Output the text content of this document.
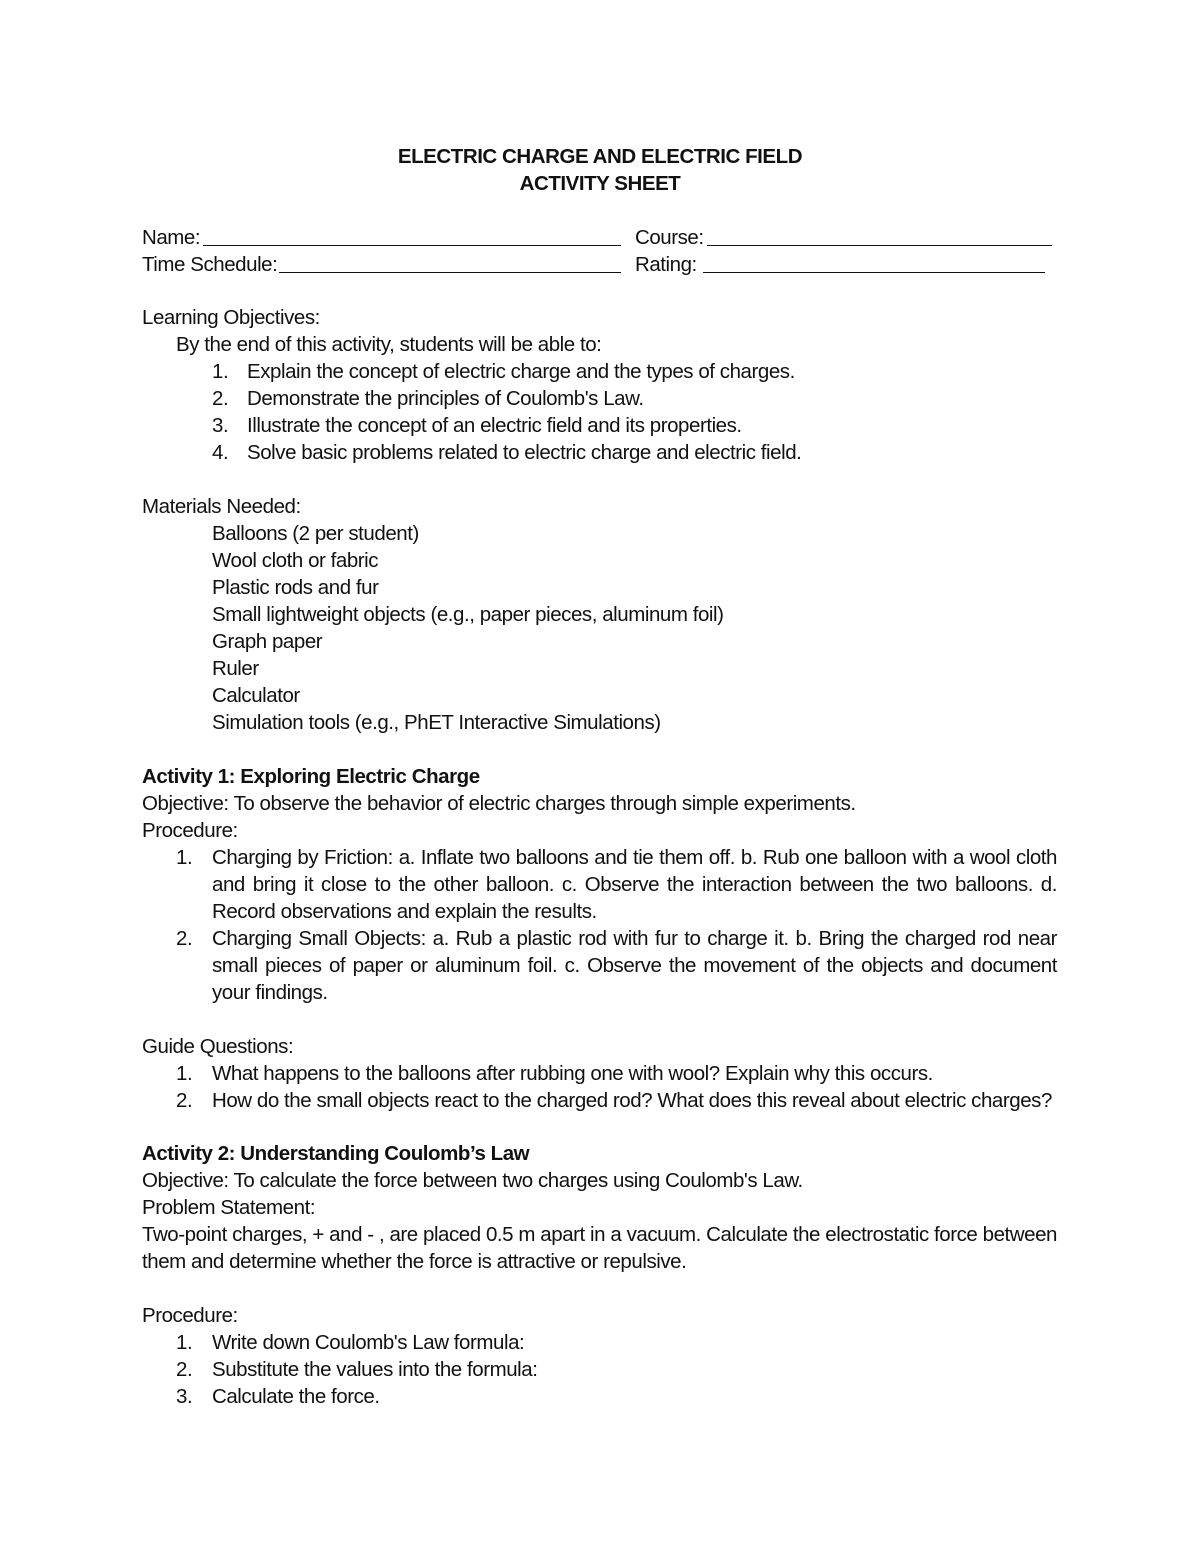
ELECTRIC CHARGE AND ELECTRIC FIELD
ACTIVITY SHEET
Name:	Course:
Time Schedule:	Rating:
Learning Objectives:
By the end of this activity, students will be able to:
1. Explain the concept of electric charge and the types of charges.
2. Demonstrate the principles of Coulomb's Law.
3. Illustrate the concept of an electric field and its properties.
4. Solve basic problems related to electric charge and electric field.
Materials Needed:
Balloons (2 per student)
Wool cloth or fabric
Plastic rods and fur
Small lightweight objects (e.g., paper pieces, aluminum foil)
Graph paper
Ruler
Calculator
Simulation tools (e.g., PhET Interactive Simulations)
Activity 1: Exploring Electric Charge
Objective: To observe the behavior of electric charges through simple experiments.
Procedure:
1. Charging by Friction: a. Inflate two balloons and tie them off. b. Rub one balloon with a wool cloth and bring it close to the other balloon. c. Observe the interaction between the two balloons. d. Record observations and explain the results.
2. Charging Small Objects: a. Rub a plastic rod with fur to charge it. b. Bring the charged rod near small pieces of paper or aluminum foil. c. Observe the movement of the objects and document your findings.
Guide Questions:
1. What happens to the balloons after rubbing one with wool? Explain why this occurs.
2. How do the small objects react to the charged rod? What does this reveal about electric charges?
Activity 2: Understanding Coulomb’s Law
Objective: To calculate the force between two charges using Coulomb's Law.
Problem Statement:
Two-point charges, + and - , are placed 0.5 m apart in a vacuum. Calculate the electrostatic force between them and determine whether the force is attractive or repulsive.
Procedure:
1. Write down Coulomb's Law formula:
2. Substitute the values into the formula:
3. Calculate the force.
